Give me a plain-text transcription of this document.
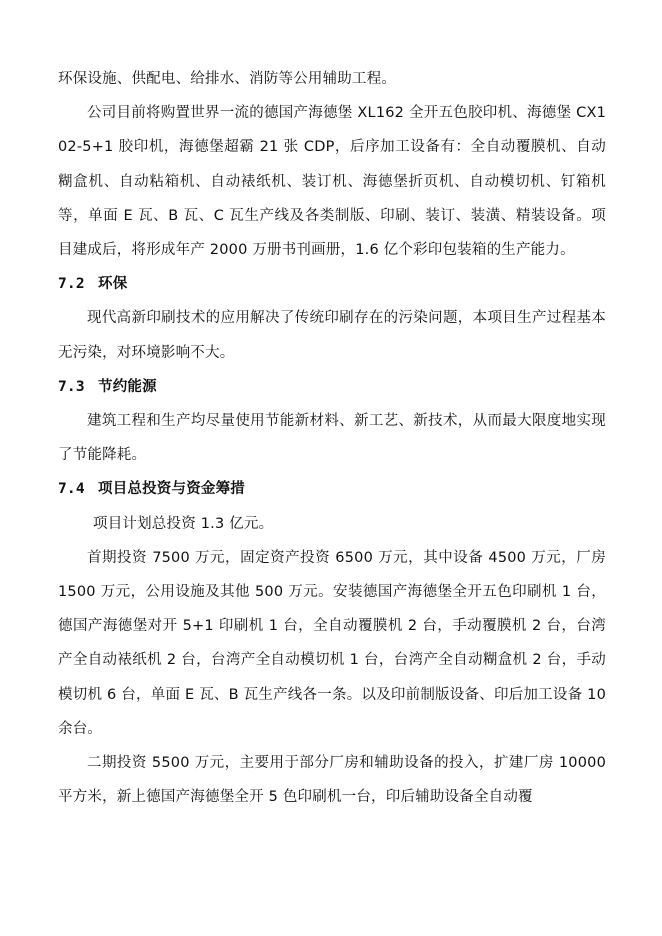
环保设施、供配电、给排水、消防等公用辅助工程。

公司目前将购置世界一流的德国产海德堡 XL162 全开五色胶印机、海德堡 CX102-5+1 胶印机，海德堡超霸 21 张 CDP，后序加工设备有：全自动覆膜机、自动糊盒机、自动粘箱机、自动裱纸机、装订机、海德堡折页机、自动模切机、钉箱机等，单面 E 瓦、B 瓦、C 瓦生产线及各类制版、印刷、装订、装潢、精装设备。项目建成后，将形成年产 2000 万册书刊画册，1.6 亿个彩印包装箱的生产能力。

7.2 环保

现代高新印刷技术的应用解决了传统印刷存在的污染问题，本项目生产过程基本无污染，对环境影响不大。

7.3 节约能源

建筑工程和生产均尽量使用节能新材料、新工艺、新技术，从而最大限度地实现了节能降耗。

7.4 项目总投资与资金筹措

项目计划总投资 1.3 亿元。

首期投资 7500 万元，固定资产投资 6500 万元，其中设备 4500 万元，厂房 1500 万元，公用设施及其他 500 万元。安装德国产海德堡全开五色印刷机 1 台，德国产海德堡对开 5+1 印刷机 1 台，全自动覆膜机 2 台，手动覆膜机 2 台，台湾产全自动裱纸机 2 台，台湾产全自动模切机 1 台，台湾产全自动糊盒机 2 台，手动模切机 6 台，单面 E 瓦、B 瓦生产线各一条。以及印前制版设备、印后加工设备 10 余台。

二期投资 5500 万元，主要用于部分厂房和辅助设备的投入，扩建厂房 10000 平方米，新上德国产海德堡全开 5 色印刷机一台，印后辅助设备全自动覆
